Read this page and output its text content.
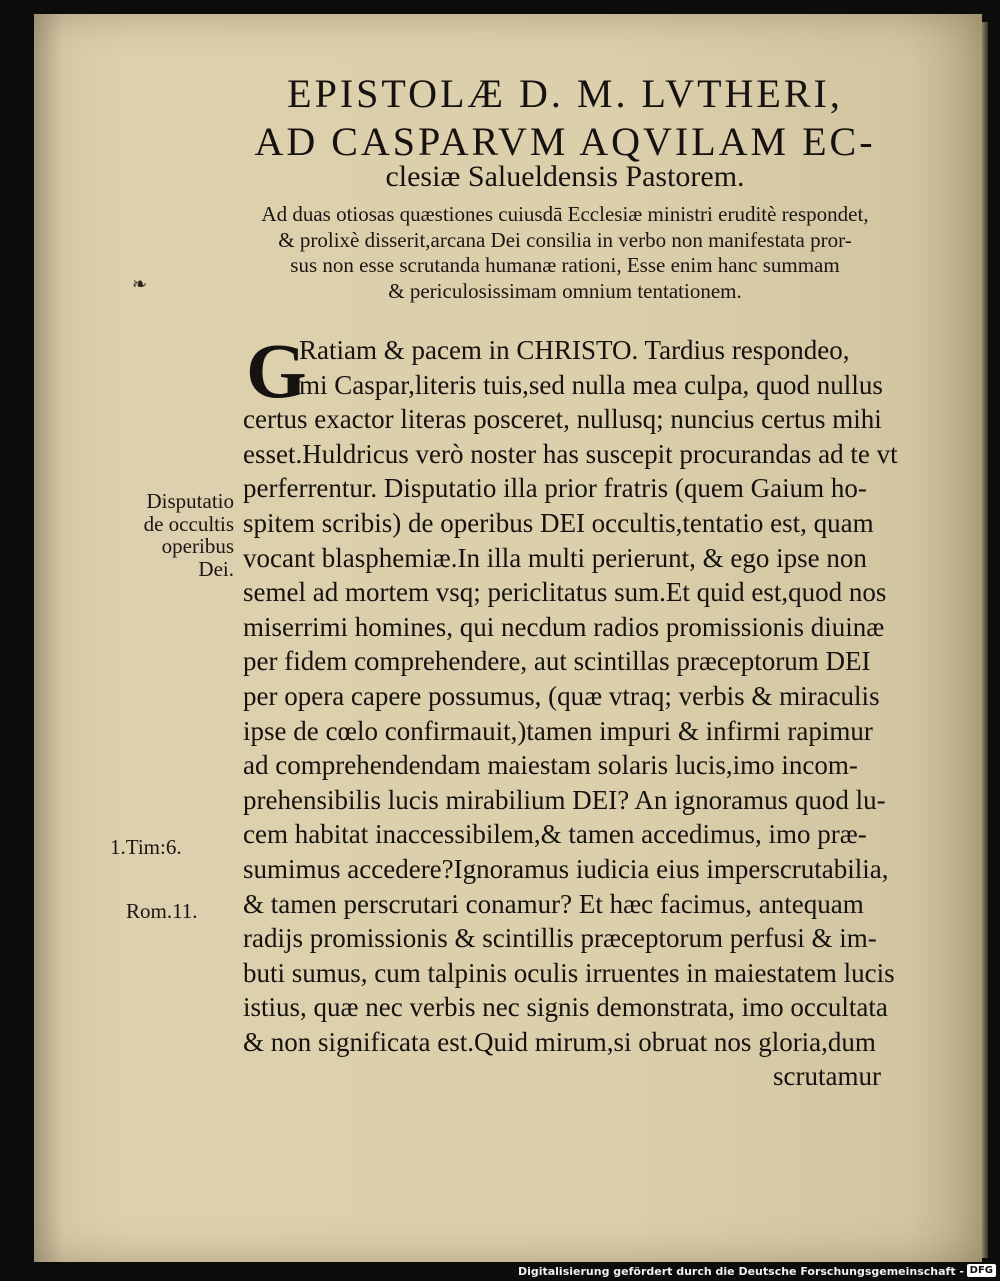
EPISTOLÆ D. M. LVTHERI,
AD CASPARVM AQVILAM EC-
clesiæ Salueldensis Pastorem.
Ad duas otiosas quæstiones cuiusdā Ecclesiæ ministri eruditè respondet,
& prolixè disserit,arcana Dei consilia in verbo non manifestata pror-
sus non esse scrutanda humanæ rationi, Esse enim hanc summam
& periculosissimam omnium tentationem.
❧
Disputatio
de occultis
operibus
Dei.
1.Tim:6.
Rom.11.
G
Ratiam & pacem in CHRISTO. Tardius respondeo,
mi Caspar,literis tuis,sed nulla mea culpa, quod nullus
certus exactor literas posceret, nullusq; nuncius certus mihi
esset.Huldricus verò noster has suscepit procurandas ad te vt
perferrentur. Disputatio illa prior fratris (quem Gaium ho-
spitem scribis) de operibus DEI occultis,tentatio est, quam
vocant blasphemiæ.In illa multi perierunt, & ego ipse non
semel ad mortem vsq; periclitatus sum.Et quid est,quod nos
miserrimi homines, qui necdum radios promissionis diuinæ
per fidem comprehendere, aut scintillas præceptorum DEI
per opera capere possumus, (quæ vtraq; verbis & miraculis
ipse de cœlo confirmauit,)tamen impuri & infirmi rapimur
ad comprehendendam maiestam solaris lucis,imo incom-
prehensibilis lucis mirabilium DEI? An ignoramus quod lu-
cem habitat inaccessibilem,& tamen accedimus, imo præ-
sumimus accedere?Ignoramus iudicia eius imperscrutabilia,
& tamen perscrutari conamur? Et hæc facimus, antequam
radijs promissionis & scintillis præceptorum perfusi & im-
buti sumus, cum talpinis oculis irruentes in maiestatem lucis
istius, quæ nec verbis nec signis demonstrata, imo occultata
& non significata est.Quid mirum,si obruat nos gloria,dum
scrutamur
Digitalisierung gefördert durch die Deutsche Forschungsgemeinschaft - DFG
